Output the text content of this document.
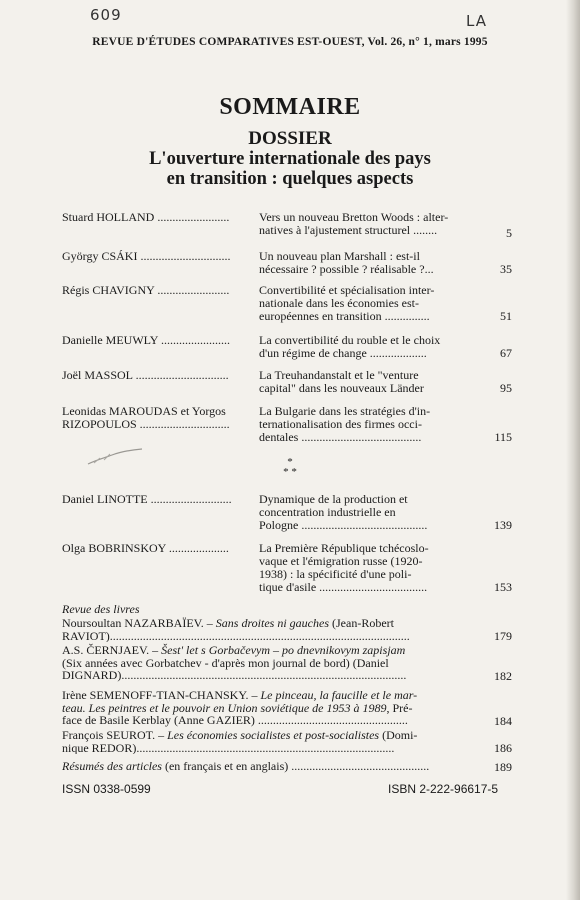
609	LA
REVUE D'ÉTUDES COMPARATIVES EST-OUEST, Vol. 26, n° 1, mars 1995
SOMMAIRE
DOSSIER
L'ouverture internationale des pays
en transition : quelques aspects
Stuard HOLLAND ........................	Vers un nouveau Bretton Woods : alter-
natives à l'ajustement structurel ........	5
György CSÁKI ..............................	Un nouveau plan Marshall : est-il
nécessaire ? possible ? réalisable ?...	35
Régis CHAVIGNY ........................	Convertibilité et spécialisation inter-
nationale dans les économies est-
européennes en transition ...............	51
Danielle MEUWLY .......................	La convertibilité du rouble et le choix
d'un régime de change ...................	67
Joël MASSOL ...............................	La Treuhandanstalt et le "venture
capital" dans les nouveaux Länder	95
Leonidas MAROUDAS et Yorgos RIZOPOULOS ..............................
La Bulgarie dans les stratégies d'in-
ternationalisation des firmes occi-
dentales ........................................	115
*
* *
Daniel LINOTTE ...........................	Dynamique de la production et
concentration industrielle en
Pologne ..........................................	139
Olga BOBRINSKOY ....................	La Première République tchécoslo-
vaque et l'émigration russe (1920-
1938) : la spécificité d'une poli-
tique d'asile ....................................	153
Revue des livres
Noursoultan NAZARBAÏEV. – Sans droites ni gauches (Jean-Robert
RAVIOT)....................................................................................................	179
A.S. ČERNJAEV. – Šest' let s Gorbačevym – po dnevnikovym zapisjam
(Six années avec Gorbatchev - d'après mon journal de bord) (Daniel
DIGNARD)...............................................................................................	182
Irène SEMENOFF-TIAN-CHANSKY. – Le pinceau, la faucille et le mar-
teau. Les peintres et le pouvoir en Union soviétique de 1953 à 1989, Pré-
face de Basile Kerblay (Anne GAZIER) ..................................................	184
François SEUROT. – Les économies socialistes et post-socialistes (Domi-
nique REDOR)......................................................................................	186
Résumés des articles (en français et en anglais) ..............................................	189
ISSN 0338-0599	ISBN 2-222-96617-5
